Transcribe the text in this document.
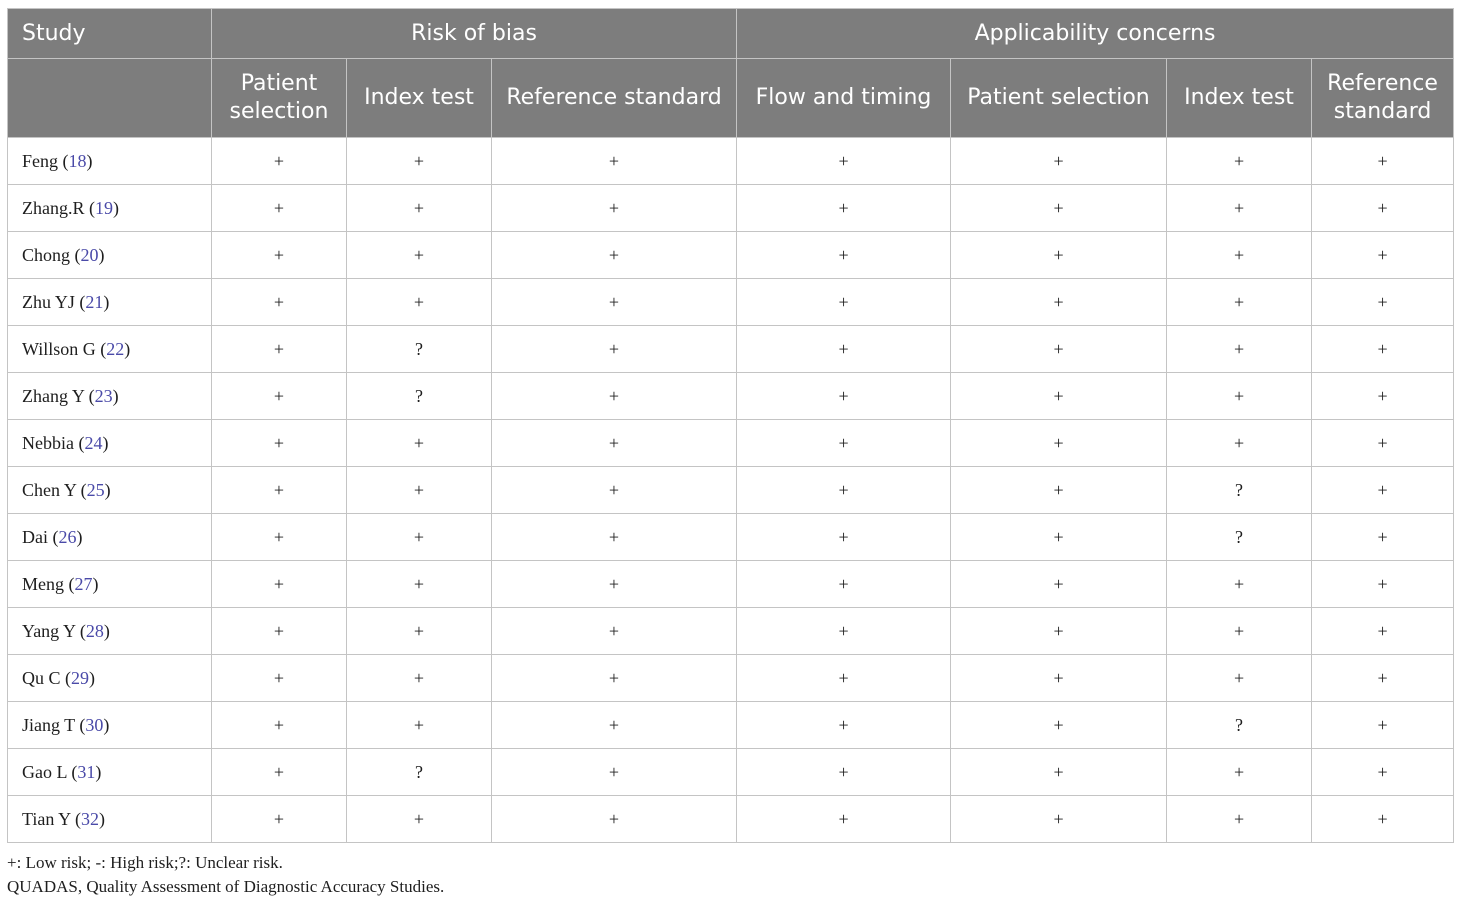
Study	Risk of bias			Applicability concerns			
	Patient selection	Index test	Reference standard	Flow and timing	Patient selection	Index test	Reference standard
Feng (18)	+	+	+	+	+	+	+
Zhang.R (19)	+	+	+	+	+	+	+
Chong (20)	+	+	+	+	+	+	+
Zhu YJ (21)	+	+	+	+	+	+	+
Willson G (22)	+	?	+	+	+	+	+
Zhang Y (23)	+	?	+	+	+	+	+
Nebbia (24)	+	+	+	+	+	+	+
Chen Y (25)	+	+	+	+	+	?	+
Dai (26)	+	+	+	+	+	?	+
Meng (27)	+	+	+	+	+	+	+
Yang Y (28)	+	+	+	+	+	+	+
Qu C (29)	+	+	+	+	+	+	+
Jiang T (30)	+	+	+	+	+	?	+
Gao L (31)	+	?	+	+	+	+	+
Tian Y (32)	+	+	+	+	+	+	+
+: Low risk; -: High risk;?: Unclear risk.
QUADAS, Quality Assessment of Diagnostic Accuracy Studies.
